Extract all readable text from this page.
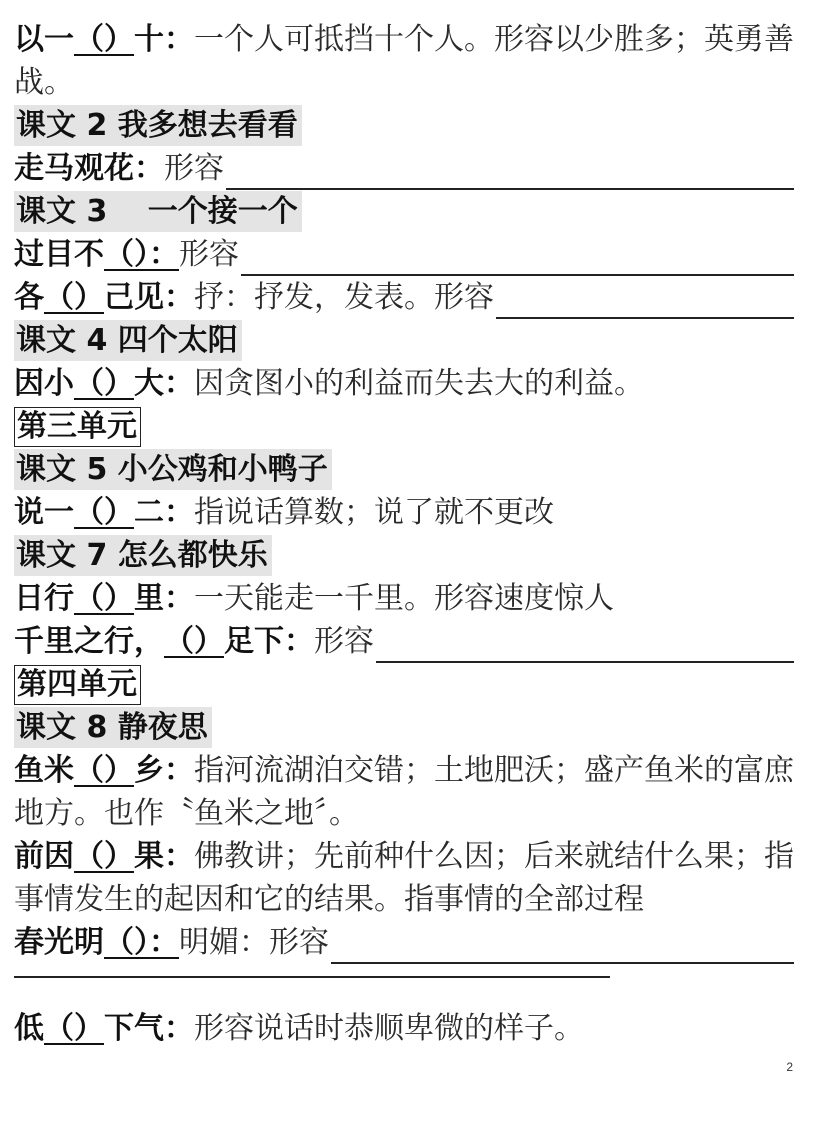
以一（）十：一个人可抵挡十个人。形容以少胜多；英勇善战。
课文 2 我多想去看看
走马观花： 形容
课文 3　 一个接一个
过目不 （）： 形容
各 （） 己见： 抒：抒发，发表。形容
课文 4 四个太阳
因小（）大：因贪图小的利益而失去大的利益。
第三单元
课文 5 小公鸡和小鸭子
说一（）二：指说话算数；说了就不更改
课文 7 怎么都快乐
日行（）里：一天能走一千里。形容速度惊人
千里之行， （） 足下： 形容
第四单元
课文 8 静夜思
鱼米（）乡：指河流湖泊交错；土地肥沃；盛产鱼米的富庶地方。也作〝鱼米之地〞。
前因（）果：佛教讲；先前种什么因；后来就结什么果；指事情发生的起因和它的结果。指事情的全部过程
春光明 （）： 明媚：形容
低（）下气：形容说话时恭顺卑微的样子。
2
